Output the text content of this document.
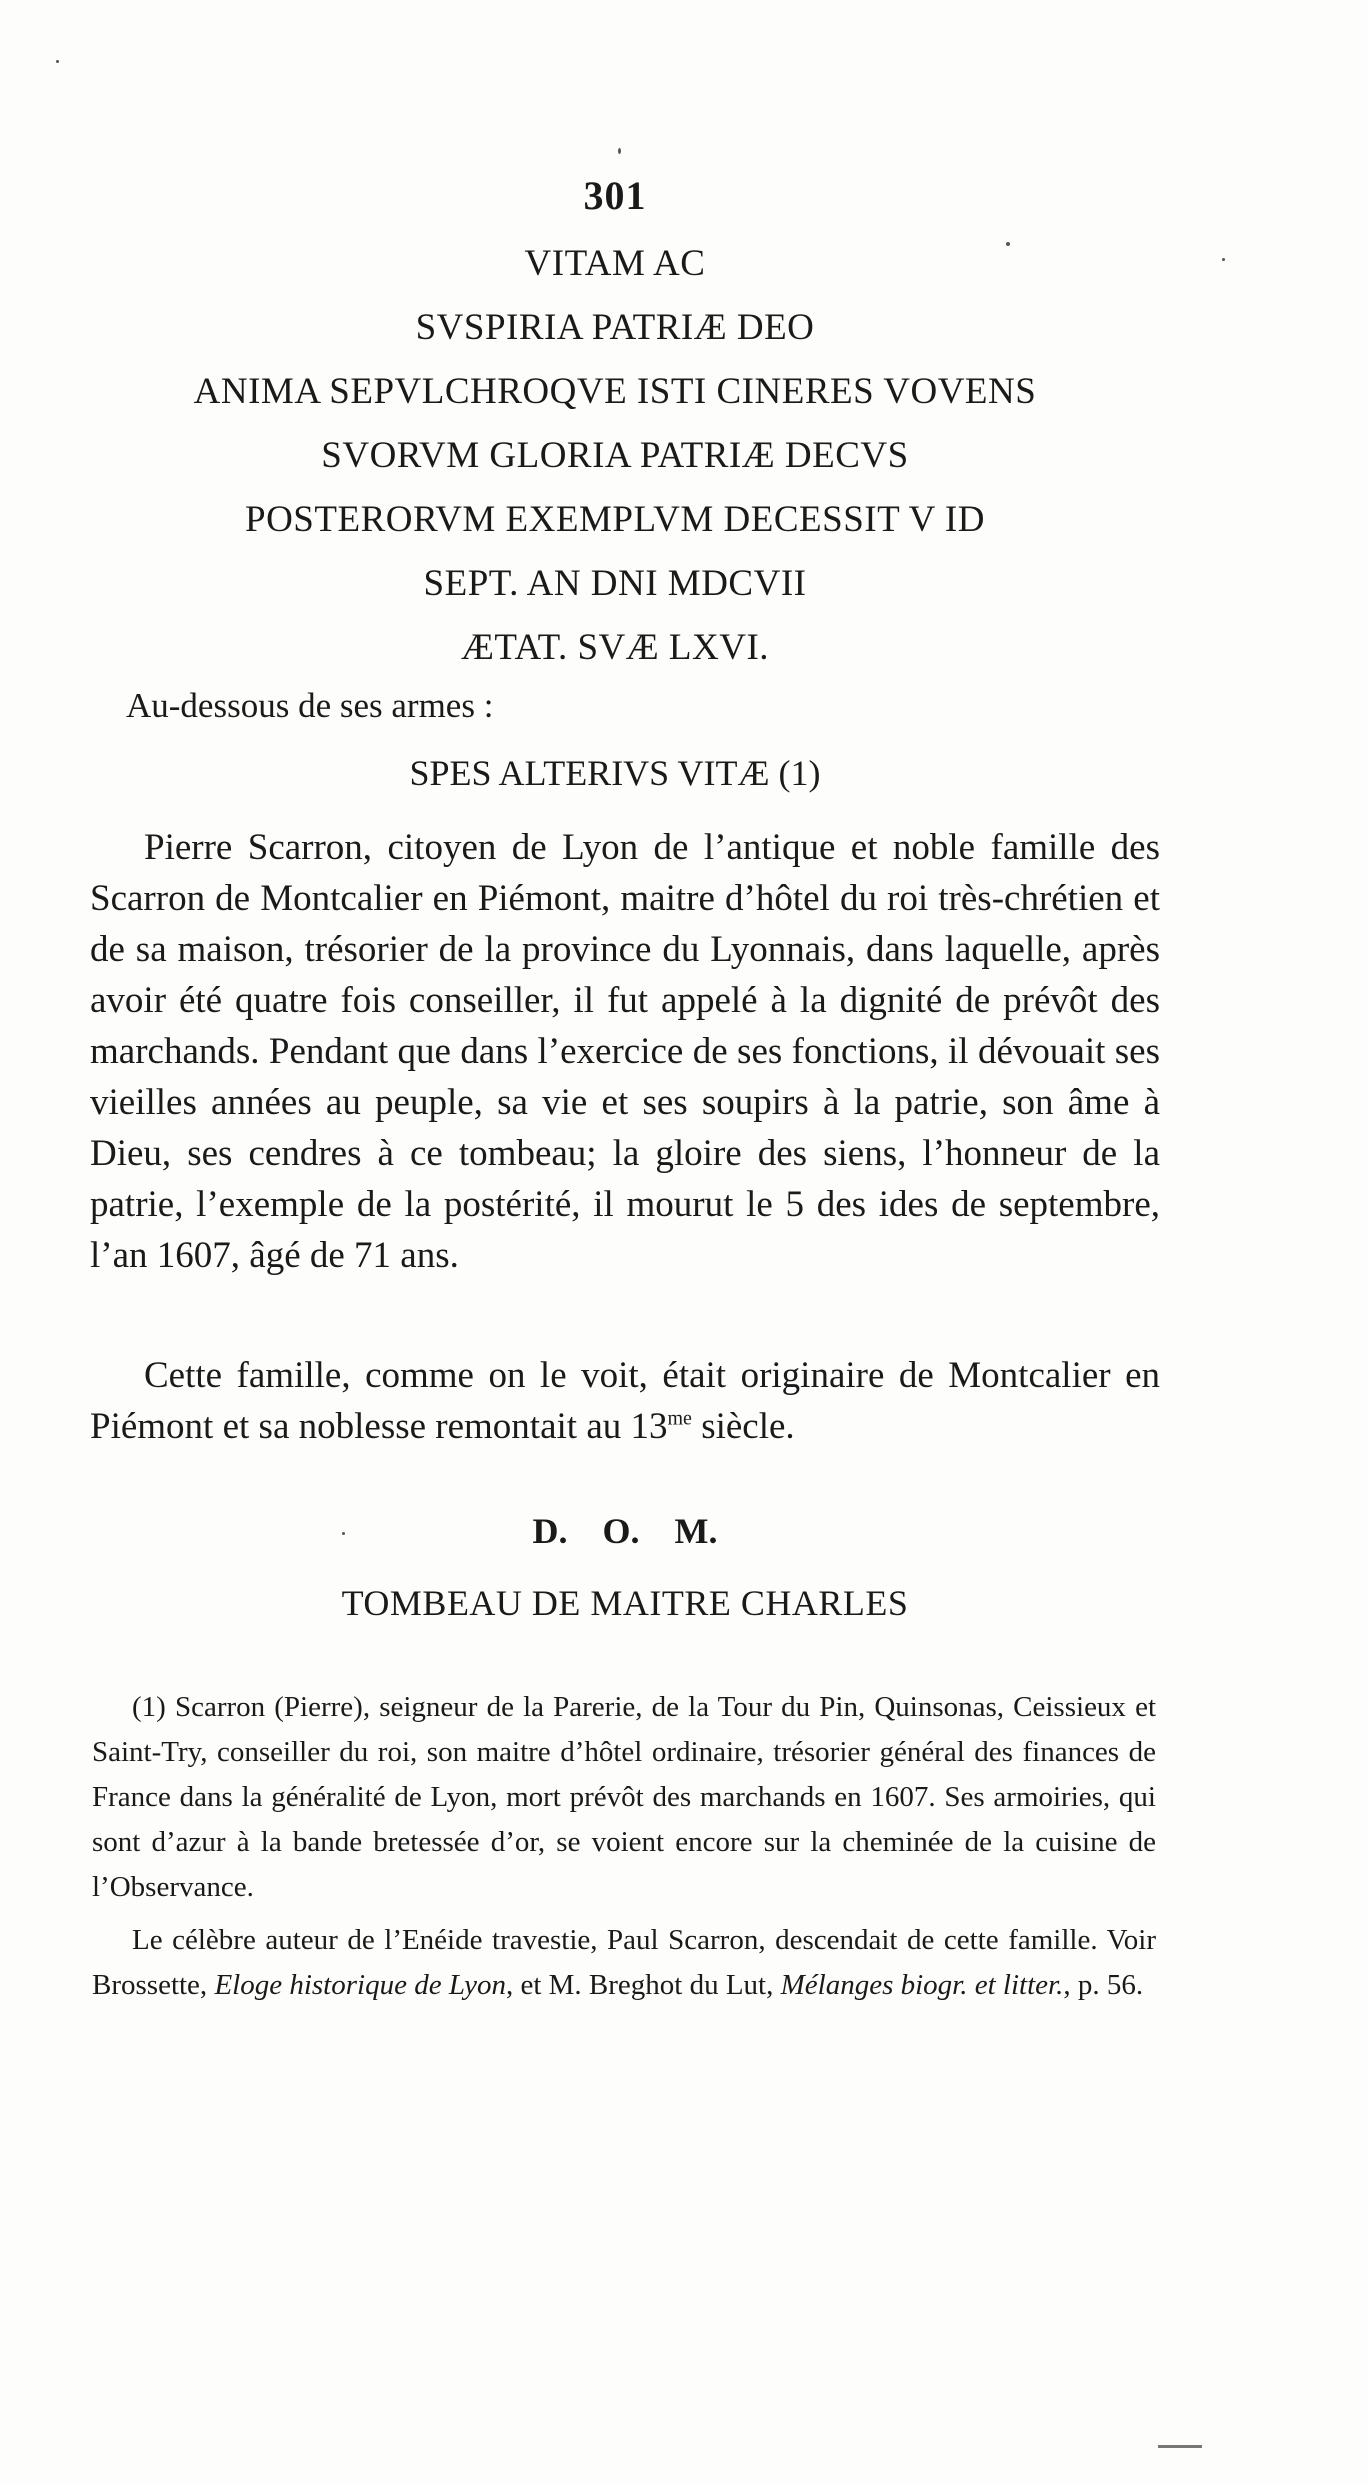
301
VITAM AC
SVSPIRIA PATRIÆ DEO
ANIMA SEPVLCHROQVE ISTI CINERES VOVENS
SVORVM GLORIA PATRIÆ DECVS
POSTERORVM EXEMPLVM DECESSIT V ID
SEPT. AN DNI MDCVII
ÆTAT. SVÆ LXVI.
Au-dessous de ses armes :
SPES ALTERIVS VITÆ (1)
Pierre Scarron, citoyen de Lyon de l’antique et noble famille des Scarron de Montcalier en Piémont, maitre d’hôtel du roi très-chrétien et de sa maison, trésorier de la province du Lyonnais, dans laquelle, après avoir été quatre fois conseiller, il fut appelé à la dignité de prévôt des marchands. Pendant que dans l’exercice de ses fonctions, il dévouait ses vieilles années au peuple, sa vie et ses soupirs à la patrie, son âme à Dieu, ses cendres à ce tombeau; la gloire des siens, l’honneur de la patrie, l’exemple de la postérité, il mourut le 5 des ides de septembre, l’an 1607, âgé de 71 ans.
Cette famille, comme on le voit, était originaire de Montcalier en Piémont et sa noblesse remontait au $13^{me}$ siècle.
D. O. M.
TOMBEAU DE MAITRE CHARLES
(1) Scarron (Pierre), seigneur de la Parerie, de la Tour du Pin, Quinsonas, Ceissieux et Saint-Try, conseiller du roi, son maitre d’hôtel ordinaire, trésorier général des finances de France dans la généralité de Lyon, mort prévôt des marchands en 1607. Ses armoiries, qui sont d’azur à la bande bretessée d’or, se voient encore sur la cheminée de la cuisine de l’Observance.
Le célèbre auteur de l’Enéide travestie, Paul Scarron, descendait de cette famille. Voir Brossette, Eloge historique de Lyon, et M. Breghot du Lut, Mélanges biogr. et litter., p. 56.
